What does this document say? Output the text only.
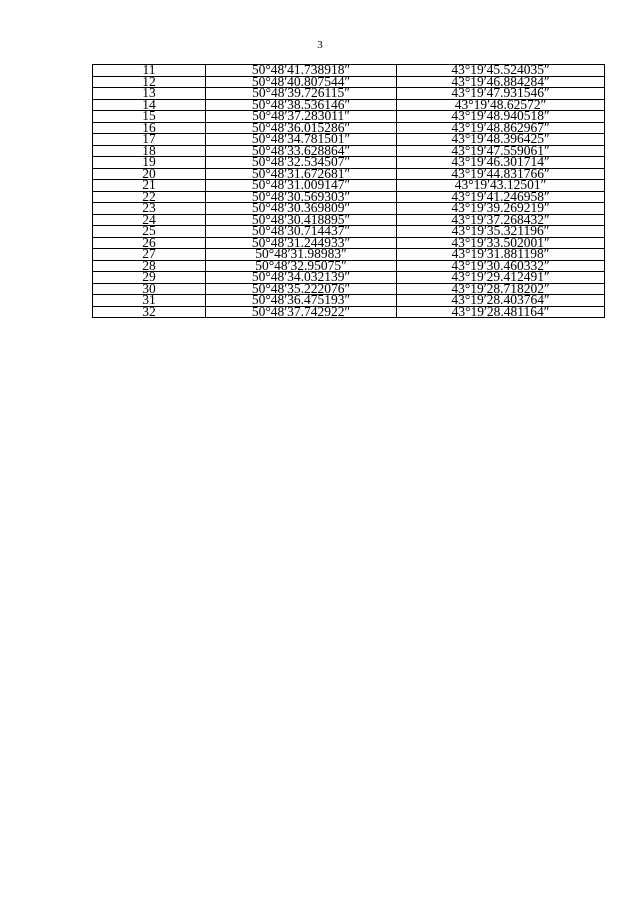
3
11	50°48′41.738918″	43°19′45.524035″
12	50°48′40.807544″	43°19′46.884284″
13	50°48′39.726115″	43°19′47.931546″
14	50°48′38.536146″	43°19′48.62572″
15	50°48′37.283011″	43°19′48.940518″
16	50°48′36.015286″	43°19′48.862967″
17	50°48′34.781501″	43°19′48.396425″
18	50°48′33.628864″	43°19′47.559061″
19	50°48′32.534507″	43°19′46.301714″
20	50°48′31.672681″	43°19′44.831766″
21	50°48′31.009147″	43°19′43.12501″
22	50°48′30.569303″	43°19′41.246958″
23	50°48′30.369809″	43°19′39.269219″
24	50°48′30.418895″	43°19′37.268432″
25	50°48′30.714437″	43°19′35.321196″
26	50°48′31.244933″	43°19′33.502001″
27	50°48′31.98983″	43°19′31.881198″
28	50°48′32.95075″	43°19′30.460332″
29	50°48′34.032139″	43°19′29.412491″
30	50°48′35.222076″	43°19′28.718202″
31	50°48′36.475193″	43°19′28.403764″
32	50°48′37.742922″	43°19′28.481164″
